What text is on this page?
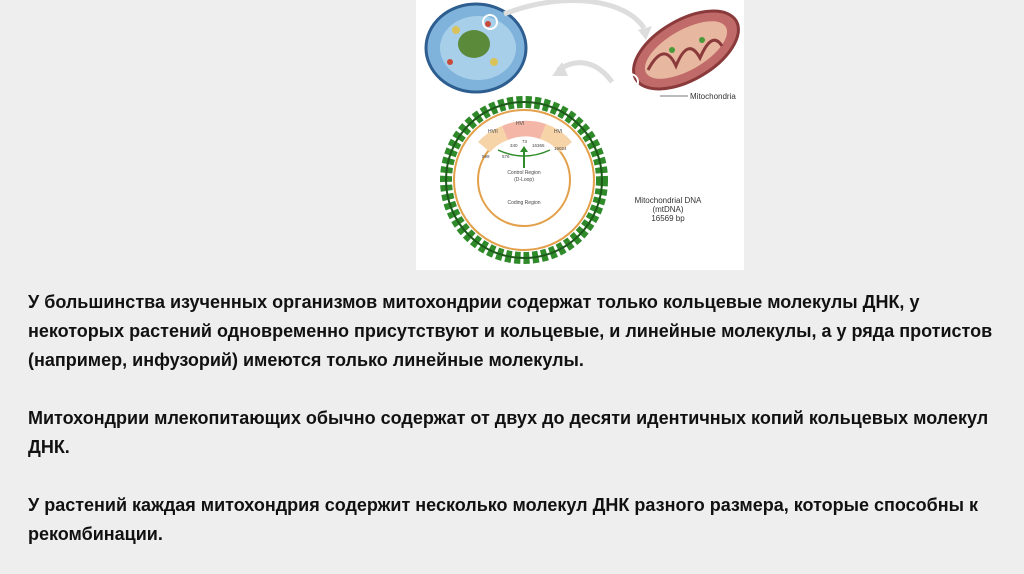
HVII
HVI
HVI
599	576
340
73
16365
16024
Control Region
(D-Loop)
Coding Region
Mitochondria
Mitochondrial DNA
(mtDNA)
16569 bp

У большинства изученных организмов митохондрии содержат только кольцевые молекулы ДНК, у некоторых растений одновременно присутствуют и кольцевые, и линейные молекулы, а у ряда протистов (например, инфузорий) имеются только линейные молекулы.

Митохондрии млекопитающих обычно содержат от двух до десяти идентичных копий кольцевых молекул ДНК.

У растений каждая митохондрия содержит несколько молекул ДНК разного размера, которые способны к рекомбинации.
